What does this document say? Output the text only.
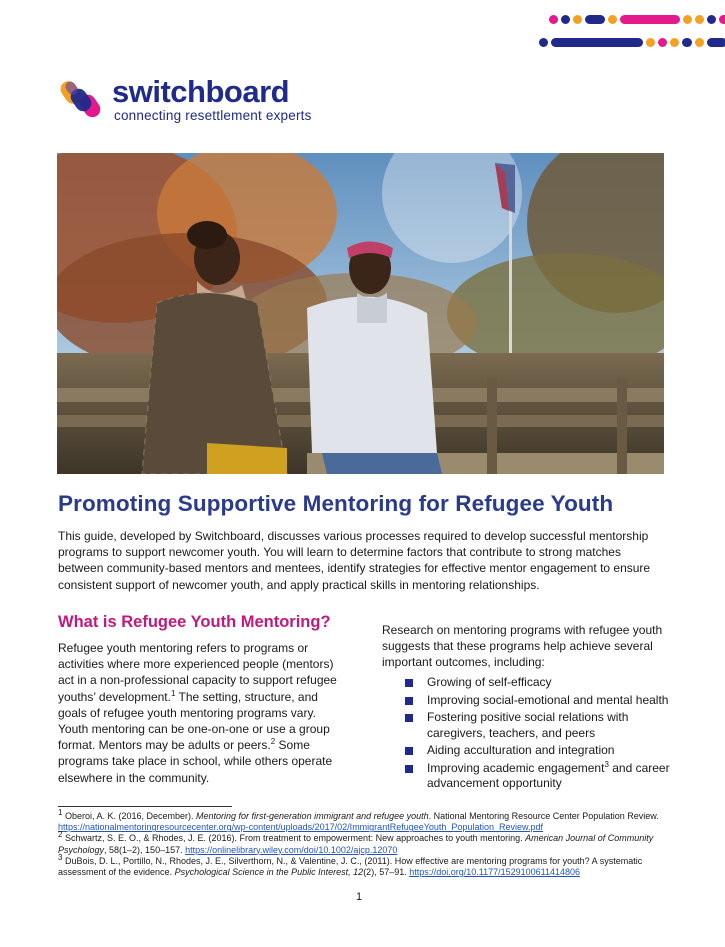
switchboard
connecting resettlement experts
Promoting Supportive Mentoring for Refugee Youth

This guide, developed by Switchboard, discusses various processes required to develop successful mentorship programs to support newcomer youth. You will learn to determine factors that contribute to strong matches between community-based mentors and mentees, identify strategies for effective mentor engagement to ensure consistent support of newcomer youth, and apply practical skills in mentoring relationships.

What is Refugee Youth Mentoring?

Refugee youth mentoring refers to programs or activities where more experienced people (mentors) act in a non-professional capacity to support refugee youths’ development.$^1$ The setting, structure, and goals of refugee youth mentoring programs vary. Youth mentoring can be one-on-one or use a group format. Mentors may be adults or peers.$^2$ Some programs take place in school, while others operate elsewhere in the community.

Research on mentoring programs with refugee youth suggests that these programs help achieve several important outcomes, including:

Growing of self-efficacy
Improving social-emotional and mental health
Fostering positive social relations with caregivers, teachers, and peers
Aiding acculturation and integration
Improving academic engagement$^3$ and career advancement opportunity
$^1$ Oberoi, A. K. (2016, December). Mentoring for first-generation immigrant and refugee youth. National Mentoring Resource Center Population Review. https://nationalmentoringresourcecenter.org/wp-content/uploads/2017/02/ImmigrantRefugeeYouth_Population_Review.pdf
$^2$ Schwartz, S. E. O., & Rhodes, J. E. (2016). From treatment to empowerment: New approaches to youth mentoring. American Journal of Community Psychology, 58(1–2), 150–157. https://onlinelibrary.wiley.com/doi/10.1002/ajcp.12070
$^3$ DuBois, D. L., Portillo, N., Rhodes, J. E., Silverthorn, N., & Valentine, J. C., (2011). How effective are mentoring programs for youth? A systematic assessment of the evidence. Psychological Science in the Public Interest, 12(2), 57–91. https://doi.org/10.1177/1529100611414806
1
